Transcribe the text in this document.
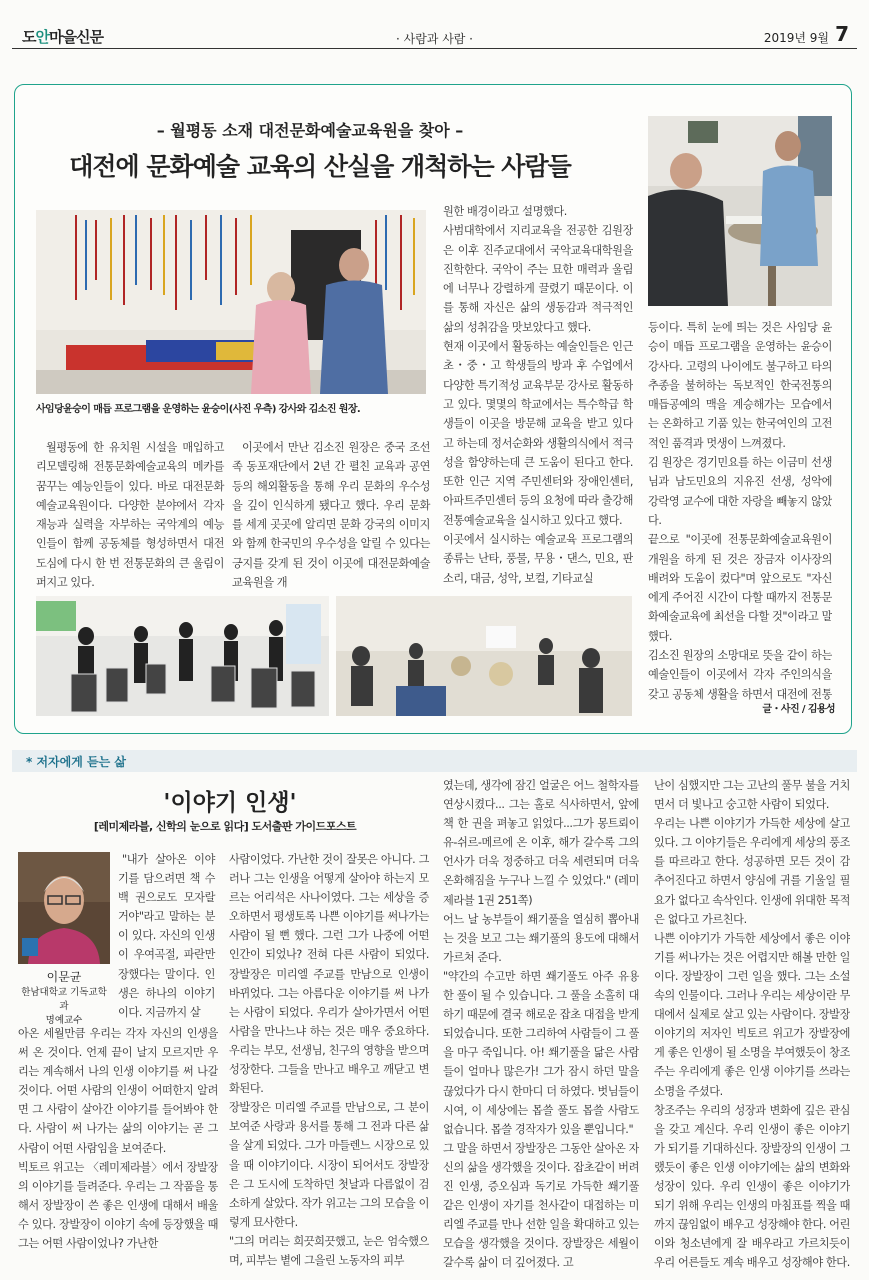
도안마을신문	· 사람과 사람 ·	2019년 9월 7
– 월평동 소재 대전문화예술교육원을 찾아 –
대전에 문화예술 교육의 산실을 개척하는 사람들
사임당윤승이 매듭 프로그램을 운영하는 윤승이(사진 우측) 강사와 김소진 원장.
월평동에 한 유치원 시설을 매입하고 리모델링해 전통문화예술교육의 메카를 꿈꾸는 예능인들이 있다. 바로 대전문화예술교육원이다. 다양한 분야에서 각자 재능과 실력을 자부하는 국악계의 예능인들이 함께 공동체를 형성하면서 대전 도심에 다시 한 번 전통문화의 큰 울림이 퍼지고 있다.
이곳에서 만난 김소진 원장은 중국 조선족 동포재단에서 2년 간 펼친 교육과 공연 등의 해외활동을 통해 우리 문화의 우수성을 깊이 인식하게 됐다고 했다. 우리 문화를 세계 곳곳에 알리면 문화 강국의 이미지와 함께 한국민의 우수성을 알릴 수 있다는 긍지를 갖게 된 것이 이곳에 대전문화예술교육원을 개
원한 배경이라고 설명했다.
사범대학에서 지리교육을 전공한 김원장은 이후 진주교대에서 국악교육대학원을 진학한다. 국악이 주는 묘한 매력과 울림에 너무나 강렬하게 끌렸기 때문이다. 이를 통해 자신은 삶의 생동감과 적극적인 삶의 성취감을 맛보았다고 했다.
현재 이곳에서 활동하는 예술인들은 인근 초・중・고 학생들의 방과 후 수업에서 다양한 특기적성 교육부문 강사로 활동하고 있다. 몇몇의 학교에서는 특수학급 학생들이 이곳을 방문해 교육을 받고 있다고 하는데 정서순화와 생활의식에서 적극성을 함양하는데 큰 도움이 된다고 한다. 또한 인근 지역 주민센터와 장애인센터, 아파트주민센터 등의 요청에 따라 출강해 전통예술교육을 실시하고 있다고 했다.
이곳에서 실시하는 예술교육 프로그램의 종류는 난타, 풍물, 무용・댄스, 민요, 판소리, 대금, 성악, 보컬, 기타교실
등이다. 특히 눈에 띄는 것은 사임당 윤승이 매듭 프로그램을 운영하는 윤승이 강사다. 고령의 나이에도 불구하고 타의 추종을 불허하는 독보적인 한국전통의 매듭공예의 맥을 계승해가는 모습에서는 온화하고 기품 있는 한국여인의 고전적인 품격과 멋생이 느껴졌다.
김 원장은 경기민요를 하는 이금미 선생님과 남도민요의 지유진 선생, 성악에 강락영 교수에 대한 자랑을 빼놓지 않았다.
끝으로 "이곳에 전통문화예술교육원이 개원을 하게 된 것은 장금자 이사장의 배려와 도움이 컸다"며 앞으로도 "자신에게 주어진 시간이 다할 때까지 전통문화예술교육에 최선을 다할 것"이라고 말했다.
김소진 원장의 소망대로 뜻을 같이 하는 예술인들이 이곳에서 각자 주인의식을 갖고 공동체 생활을 하면서 대전에 전통
글・사진 / 김용성
* 저자에게 듣는 삶
'이야기 인생'
[레미제라블, 신학의 눈으로 읽다] 도서출판 가이드포스트
이문균
한남대학교 기독교학과
명예교수
"내가 살아온 이야기를 담으려면 책 수 백 권으로도 모자랄 거야"라고 말하는 분이 있다. 자신의 인생이 우여곡절, 파란만장했다는 말이다. 인생은 하나의 이야기이다. 지금까지 살
아온 세월만큼 우리는 각자 자신의 인생을 써 온 것이다. 언제 끝이 날지 모르지만 우리는 계속해서 나의 인생 이야기를 써 나갈 것이다. 어떤 사람의 인생이 어떠한지 알려면 그 사람이 살아간 이야기를 들어봐야 한다. 사람이 써 나가는 삶의 이야기는 곧 그 사람이 어떤 사람임을 보여준다.
빅토르 위고는 〈레미제라블〉에서 장발장의 이야기를 들려준다. 우리는 그 작품을 통해서 장발장이 쓴 좋은 인생에 대해서 배울 수 있다. 장발장이 이야기 속에 등장했을 때 그는 어떤 사람이었나? 가난한
사람이었다. 가난한 것이 잘못은 아니다. 그러나 그는 인생을 어떻게 살아야 하는지 모르는 어리석은 사나이였다. 그는 세상을 증오하면서 평생토록 나쁜 이야기를 써나가는 사람이 될 뻔 했다. 그런 그가 나중에 어떤 인간이 되었나? 전혀 다른 사람이 되었다. 장발장은 미리엘 주교를 만남으로 인생이 바뀌었다. 그는 아름다운 이야기를 써 나가는 사람이 되었다. 우리가 살아가면서 어떤 사람을 만나느냐 하는 것은 매우 중요하다. 우리는 부모, 선생님, 친구의 영향을 받으며 성장한다. 그들을 만나고 배우고 깨닫고 변화된다.
장발장은 미리엘 주교를 만남으로, 그 분이 보여준 사랑과 용서를 통해 그 전과 다른 삶을 살게 되었다. 그가 마들렌느 시장으로 있을 때 이야기이다. 시장이 되어서도 장발장은 그 도시에 도착하던 첫날과 다름없이 검소하게 살았다. 작가 위고는 그의 모습을 이렇게 묘사한다.
"그의 머리는 희끗희끗했고, 눈은 엄숙했으며, 피부는 볕에 그을린 노동자의 피부
였는데, 생각에 잠긴 얼굴은 어느 철학자를 연상시켰다... 그는 홀로 식사하면서, 앞에 책 한 권을 펴놓고 읽었다...그가 몽트뢰이유-쉬르-메르에 온 이후, 해가 갈수록 그의 언사가 더욱 정중하고 더욱 세련되며 더욱 온화해짐을 누구나 느낄 수 있었다." (레미제라블 1권 251쪽)
어느 날 농부들이 쐐기풀을 열심히 뽑아내는 것을 보고 그는 쐐기풀의 용도에 대해서 가르쳐 준다.
"약간의 수고만 하면 쐐기풀도 아주 유용한 풀이 될 수 있습니다. 그 풀을 소홀히 대하기 때문에 결국 해로운 잡초 대접을 받게 되었습니다. 또한 그리하여 사람들이 그 풀을 마구 죽입니다. 아! 쐐기풀을 닮은 사람들이 얼마나 많은가! 그가 잠시 하던 말을 끊었다가 다시 한마디 더 하였다. 벗님들이시여, 이 세상에는 몹쓸 풀도 몹쓸 사람도 없습니다. 몹쓸 경작자가 있을 뿐입니다."
그 말을 하면서 장발장은 그동안 살아온 자신의 삶을 생각했을 것이다. 잡초같이 버려진 인생, 증오심과 독기로 가득한 쐐기풀 같은 인생이 자기를 천사같이 대접하는 미리엘 주교를 만나 선한 일을 확대하고 있는 모습을 생각했을 것이다. 장발장은 세월이 갈수록 삶이 더 깊어졌다. 고
난이 심했지만 그는 고난의 풀무 불을 거치면서 더 빛나고 숭고한 사람이 되었다.
우리는 나쁜 이야기가 가득한 세상에 살고 있다. 그 이야기들은 우리에게 세상의 풍조를 따르라고 한다. 성공하면 모든 것이 감추어진다고 하면서 양심에 귀를 기울일 필요가 없다고 속삭인다. 인생에 위대한 목적은 없다고 가르친다.
나쁜 이야기가 가득한 세상에서 좋은 이야기를 써나가는 것은 어렵지만 해볼 만한 일이다. 장발장이 그런 일을 했다. 그는 소설 속의 인물이다. 그러나 우리는 세상이란 무대에서 실제로 살고 있는 사람이다. 장발장 이야기의 저자인 빅토르 위고가 장발장에게 좋은 인생이 될 소명을 부여했듯이 창조주는 우리에게 좋은 인생 이야기를 쓰라는 소명을 주셨다.
창조주는 우리의 성장과 변화에 깊은 관심을 갖고 계신다. 우리 인생이 좋은 이야기가 되기를 기대하신다. 장발장의 인생이 그랬듯이 좋은 인생 이야기에는 삶의 변화와 성장이 있다. 우리 인생이 좋은 이야기가 되기 위해 우리는 인생의 마침표를 찍을 때까지 끊임없이 배우고 성장해야 한다. 어린이와 청소년에게 잘 배우라고 가르치듯이 우리 어른들도 계속 배우고 성장해야 한다.
